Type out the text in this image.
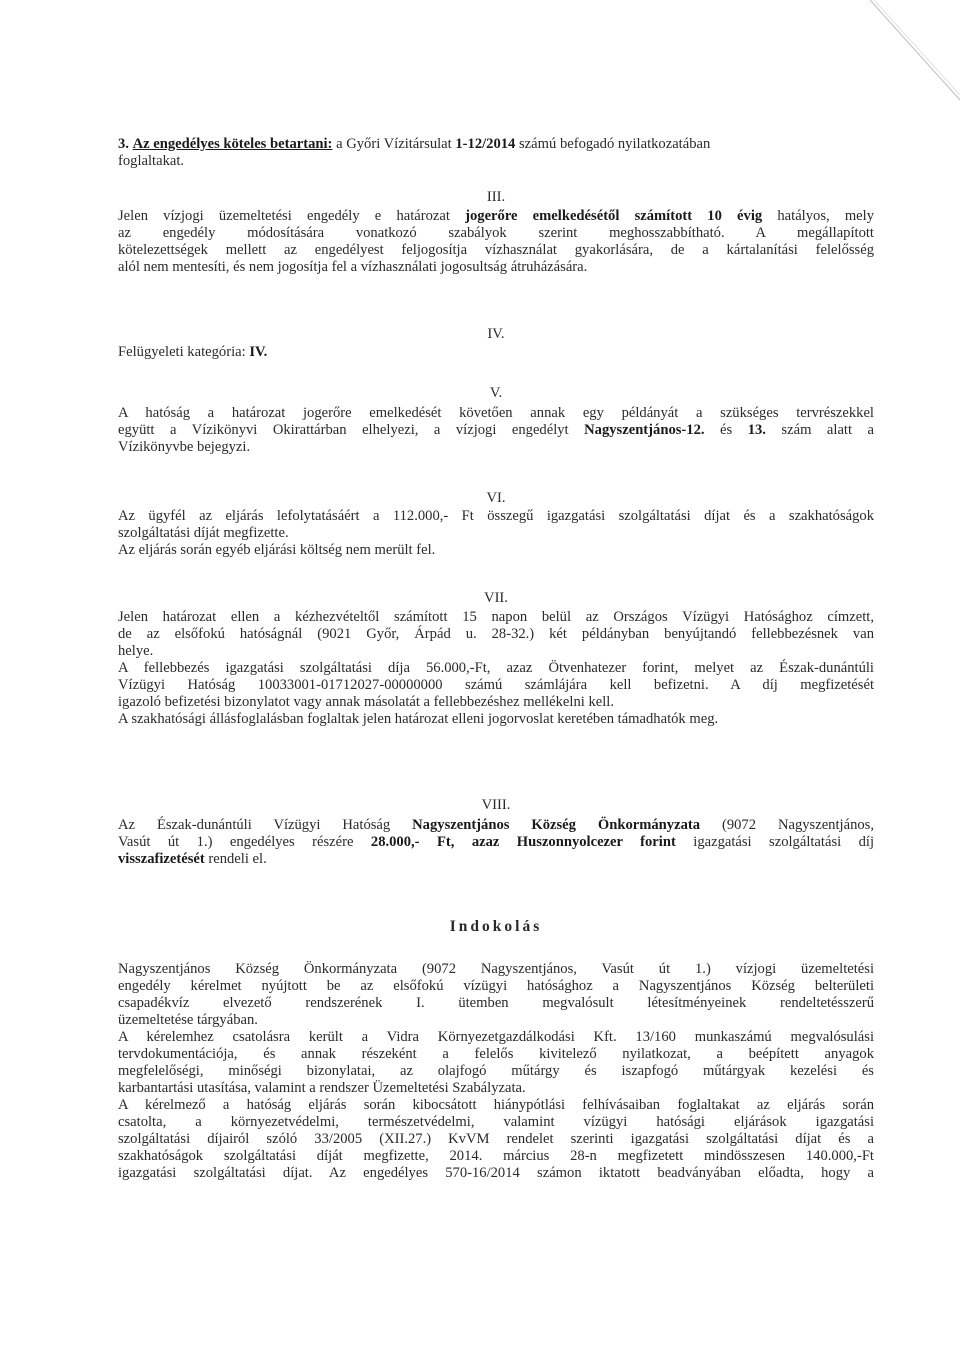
3. Az engedélyes köteles betartani: a Győri Vízitársulat 1-12/2014 számú befogadó nyilatkozatában
foglaltakat.
III.
Jelen vízjogi üzemeltetési engedély e határozat jogerőre emelkedésétől számított 10 évig hatályos, mely
az engedély módosítására vonatkozó szabályok szerint meghosszabbítható. A megállapított
kötelezettségek mellett az engedélyest feljogosítja vízhasználat gyakorlására, de a kártalanítási felelősség
alól nem mentesíti, és nem jogosítja fel a vízhasználati jogosultság átruházására.
IV.
Felügyeleti kategória: IV.
V.
A hatóság a határozat jogerőre emelkedését követően annak egy példányát a szükséges tervrészekkel
együtt a Vízikönyvi Okirattárban elhelyezi, a vízjogi engedélyt Nagyszentjános-12. és 13. szám alatt a
Vízikönyvbe bejegyzi.
VI.
Az ügyfél az eljárás lefolytatásáért a 112.000,- Ft összegű igazgatási szolgáltatási díjat és a szakhatóságok
szolgáltatási díját megfizette.
Az eljárás során egyéb eljárási költség nem merült fel.
VII.
Jelen határozat ellen a kézhezvételtől számított 15 napon belül az Országos Vízügyi Hatósághoz címzett,
de az elsőfokú hatóságnál (9021 Győr, Árpád u. 28-32.) két példányban benyújtandó fellebbezésnek van
helye.
A fellebbezés igazgatási szolgáltatási díja 56.000,-Ft, azaz Ötvenhatezer forint, melyet az Észak-dunántúli
Vízügyi Hatóság 10033001-01712027-00000000 számú számlájára kell befizetni. A díj megfizetését
igazoló befizetési bizonylatot vagy annak másolatát a fellebbezéshez mellékelni kell.
A szakhatósági állásfoglalásban foglaltak jelen határozat elleni jogorvoslat keretében támadhatók meg.
VIII.
Az Észak-dunántúli Vízügyi Hatóság Nagyszentjános Község Önkormányzata (9072 Nagyszentjános,
Vasút út 1.) engedélyes részére 28.000,- Ft, azaz Huszonnyolcezer forint igazgatási szolgáltatási díj
visszafizetését rendeli el.
Indokolás
Nagyszentjános Község Önkormányzata (9072 Nagyszentjános, Vasút út 1.) vízjogi üzemeltetési
engedély kérelmet nyújtott be az elsőfokú vízügyi hatósághoz a Nagyszentjános Község belterületi
csapadékvíz elvezető rendszerének I. ütemben megvalósult létesítményeinek rendeltetésszerű
üzemeltetése tárgyában.
A kérelemhez csatolásra került a Vidra Környezetgazdálkodási Kft. 13/160 munkaszámú megvalósulási
tervdokumentációja, és annak részeként a felelős kivitelező nyilatkozat, a beépített anyagok
megfelelőségi, minőségi bizonylatai, az olajfogó műtárgy és iszapfogó műtárgyak kezelési és
karbantartási utasítása, valamint a rendszer Üzemeltetési Szabályzata.
A kérelmező a hatóság eljárás során kibocsátott hiánypótlási felhívásaiban foglaltakat az eljárás során
csatolta, a környezetvédelmi, természetvédelmi, valamint vízügyi hatósági eljárások igazgatási
szolgáltatási díjairól szóló 33/2005 (XII.27.) KvVM rendelet szerinti igazgatási szolgáltatási díjat és a
szakhatóságok szolgáltatási díját megfizette, 2014. március 28-n megfizetett mindösszesen 140.000,-Ft
igazgatási szolgáltatási díjat. Az engedélyes 570-16/2014 számon iktatott beadványában előadta, hogy a
